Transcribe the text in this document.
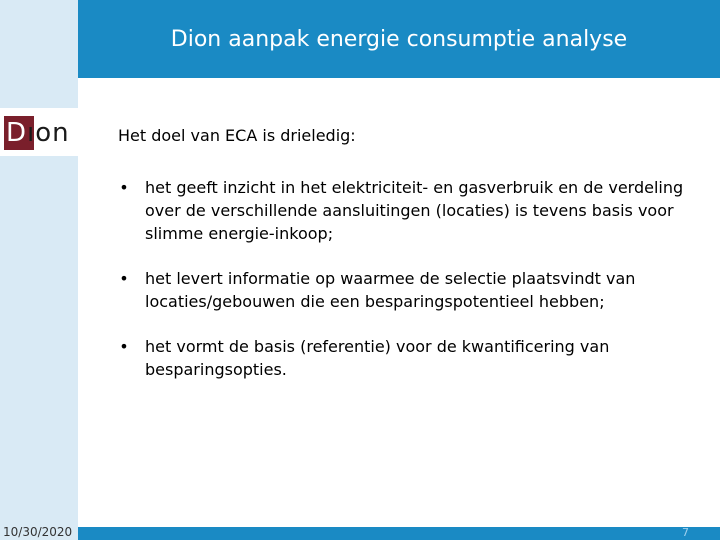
Dion aanpak energie consumptie analyse
Dıon	Het doel van ECA is drieledig:

• het geeft inzicht in het elektriciteit- en gasverbruik en de verdeling over de verschillende aansluitingen (locaties) is tevens basis voor slimme energie-inkoop;
• het levert informatie op waarmee de selectie plaatsvindt van locaties/gebouwen die een besparingspotentieel hebben;
• het vormt de basis (referentie) voor de kwantificering van besparingsopties.
10/30/2020	7
